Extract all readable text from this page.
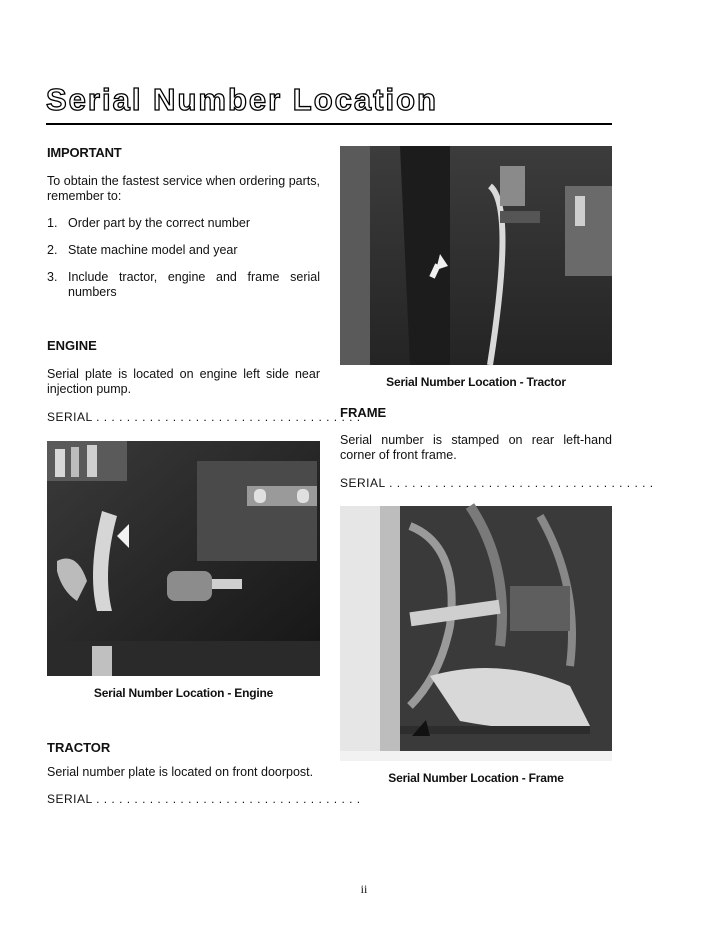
Serial Number Location

IMPORTANT

To obtain the fastest service when ordering parts, remember to:

1. Order part by the correct number
2. State machine model and year
3. Include tractor, engine and frame serial numbers

ENGINE

Serial plate is located on engine left side near injection pump.

SERIAL . . . . . . . . . . . . . . . . . . . . . . . . . . . . . . . . . . .
Serial Number Location - Engine

TRACTOR

Serial number plate is located on front doorpost.

SERIAL . . . . . . . . . . . . . . . . . . . . . . . . . . . . . . . . . . .
Serial Number Location - Tractor

FRAME

Serial number is stamped on rear left-hand corner of front frame.

SERIAL . . . . . . . . . . . . . . . . . . . . . . . . . . . . . . . . . . .
Serial Number Location - Frame
ii
